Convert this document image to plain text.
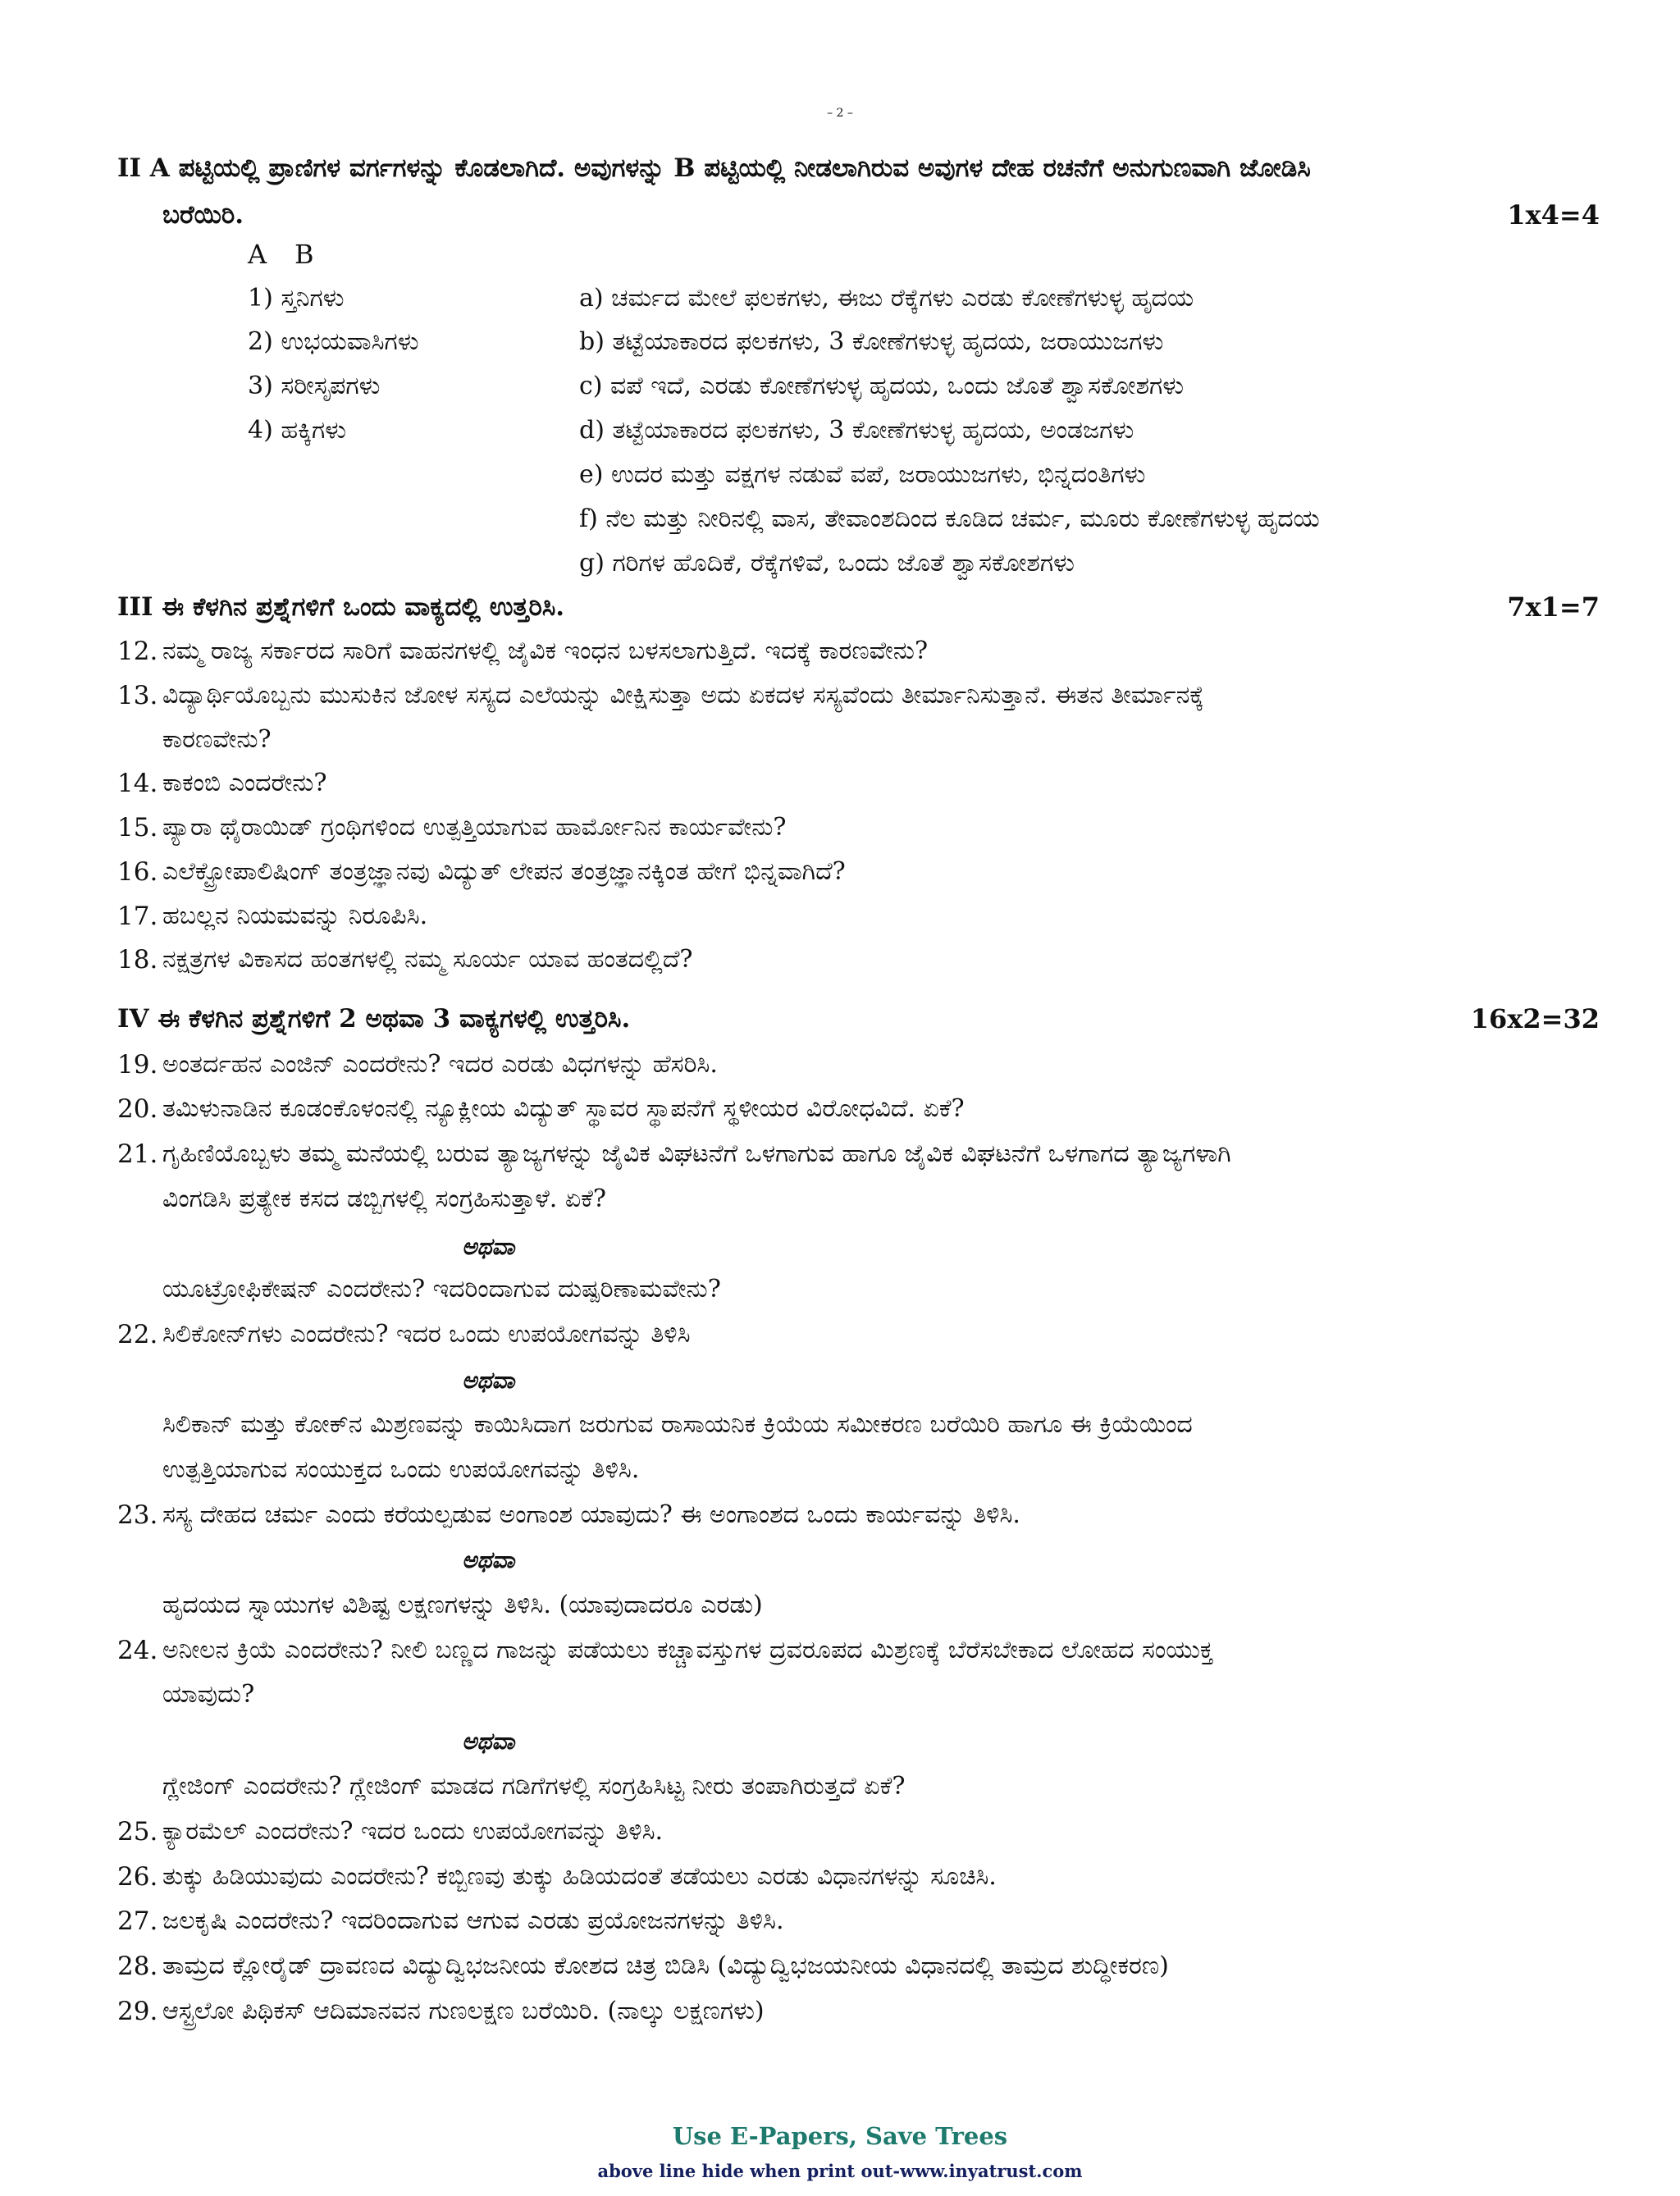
– 2 –
II A ಪಟ್ಟಿಯಲ್ಲಿ ಪ್ರಾಣಿಗಳ ವರ್ಗಗಳನ್ನು ಕೊಡಲಾಗಿದೆ. ಅವುಗಳನ್ನು B ಪಟ್ಟಿಯಲ್ಲಿ ನೀಡಲಾಗಿರುವ ಅವುಗಳ ದೇಹ ರಚನೆಗೆ ಅನುಗುಣವಾಗಿ ಜೋಡಿಸಿ
ಬರೆಯಿರಿ.	1x4=4
A B
1) ಸ್ತನಿಗಳು
2) ಉಭಯವಾಸಿಗಳು
3) ಸರೀಸೃಪಗಳು
4) ಹಕ್ಕಿಗಳು
a) ಚರ್ಮದ ಮೇಲೆ ಫಲಕಗಳು, ಈಜು ರೆಕ್ಕೆಗಳು ಎರಡು ಕೋಣೆಗಳುಳ್ಳ ಹೃದಯ
b) ತಟ್ಟೆಯಾಕಾರದ ಫಲಕಗಳು, 3 ಕೋಣೆಗಳುಳ್ಳ ಹೃದಯ, ಜರಾಯುಜಗಳು
c) ವಪೆ ಇದೆ, ಎರಡು ಕೋಣೆಗಳುಳ್ಳ ಹೃದಯ, ಒಂದು ಜೊತೆ ಶ್ವಾಸಕೋಶಗಳು
d) ತಟ್ಟೆಯಾಕಾರದ ಫಲಕಗಳು, 3 ಕೋಣೆಗಳುಳ್ಳ ಹೃದಯ, ಅಂಡಜಗಳು
e) ಉದರ ಮತ್ತು ವಕ್ಷಗಳ ನಡುವೆ ವಪೆ, ಜರಾಯುಜಗಳು, ಭಿನ್ನದಂತಿಗಳು
f) ನೆಲ ಮತ್ತು ನೀರಿನಲ್ಲಿ ವಾಸ, ತೇವಾಂಶದಿಂದ ಕೂಡಿದ ಚರ್ಮ, ಮೂರು ಕೋಣೆಗಳುಳ್ಳ ಹೃದಯ
g) ಗರಿಗಳ ಹೊದಿಕೆ, ರೆಕ್ಕೆಗಳಿವೆ, ಒಂದು ಜೊತೆ ಶ್ವಾಸಕೋಶಗಳು
III ಈ ಕೆಳಗಿನ ಪ್ರಶ್ನೆಗಳಿಗೆ ಒಂದು ವಾಕ್ಯದಲ್ಲಿ ಉತ್ತರಿಸಿ.	7x1=7
12. ನಮ್ಮ ರಾಜ್ಯ ಸರ್ಕಾರದ ಸಾರಿಗೆ ವಾಹನಗಳಲ್ಲಿ ಜೈವಿಕ ಇಂಧನ ಬಳಸಲಾಗುತ್ತಿದೆ. ಇದಕ್ಕೆ ಕಾರಣವೇನು?
13. ವಿದ್ಯಾರ್ಥಿಯೊಬ್ಬನು ಮುಸುಕಿನ ಜೋಳ ಸಸ್ಯದ ಎಲೆಯನ್ನು ವೀಕ್ಷಿಸುತ್ತಾ ಅದು ಏಕದಳ ಸಸ್ಯವೆಂದು ತೀರ್ಮಾನಿಸುತ್ತಾನೆ. ಈತನ ತೀರ್ಮಾನಕ್ಕೆ
ಕಾರಣವೇನು?
14. ಕಾಕಂಬಿ ಎಂದರೇನು?
15. ಪ್ಯಾರಾ ಥೈರಾಯಿಡ್ ಗ್ರಂಥಿಗಳಿಂದ ಉತ್ಪತ್ತಿಯಾಗುವ ಹಾರ್ಮೋನಿನ ಕಾರ್ಯವೇನು?
16. ಎಲೆಕ್ಟ್ರೋಪಾಲಿಷಿಂಗ್ ತಂತ್ರಜ್ಞಾನವು ವಿದ್ಯುತ್ ಲೇಪನ ತಂತ್ರಜ್ಞಾನಕ್ಕಿಂತ ಹೇಗೆ ಭಿನ್ನವಾಗಿದೆ?
17. ಹಬಲ್ಲನ ನಿಯಮವನ್ನು ನಿರೂಪಿಸಿ.
18. ನಕ್ಷತ್ರಗಳ ವಿಕಾಸದ ಹಂತಗಳಲ್ಲಿ ನಮ್ಮ ಸೂರ್ಯ ಯಾವ ಹಂತದಲ್ಲಿದೆ?
IV ಈ ಕೆಳಗಿನ ಪ್ರಶ್ನೆಗಳಿಗೆ 2 ಅಥವಾ 3 ವಾಕ್ಯಗಳಲ್ಲಿ ಉತ್ತರಿಸಿ.	16x2=32
19. ಅಂತರ್ದಹನ ಎಂಜಿನ್ ಎಂದರೇನು? ಇದರ ಎರಡು ವಿಧಗಳನ್ನು ಹೆಸರಿಸಿ.
20. ತಮಿಳುನಾಡಿನ ಕೂಡಂಕೊಳಂನಲ್ಲಿ ನ್ಯೂಕ್ಲೀಯ ವಿದ್ಯುತ್ ಸ್ಥಾವರ ಸ್ಥಾಪನೆಗೆ ಸ್ಥಳೀಯರ ವಿರೋಧವಿದೆ. ಏಕೆ?
21. ಗೃಹಿಣಿಯೊಬ್ಬಳು ತಮ್ಮ ಮನೆಯಲ್ಲಿ ಬರುವ ತ್ಯಾಜ್ಯಗಳನ್ನು ಜೈವಿಕ ವಿಘಟನೆಗೆ ಒಳಗಾಗುವ ಹಾಗೂ ಜೈವಿಕ ವಿಘಟನೆಗೆ ಒಳಗಾಗದ ತ್ಯಾಜ್ಯಗಳಾಗಿ
ವಿಂಗಡಿಸಿ ಪ್ರತ್ಯೇಕ ಕಸದ ಡಬ್ಬಿಗಳಲ್ಲಿ ಸಂಗ್ರಹಿಸುತ್ತಾಳೆ. ಏಕೆ?
ಅಥವಾ
ಯೂಟ್ರೋಫಿಕೇಷನ್ ಎಂದರೇನು? ಇದರಿಂದಾಗುವ ದುಷ್ಪರಿಣಾಮವೇನು?
22. ಸಿಲಿಕೋನ್‌ಗಳು ಎಂದರೇನು? ಇದರ ಒಂದು ಉಪಯೋಗವನ್ನು ತಿಳಿಸಿ
ಅಥವಾ
ಸಿಲಿಕಾನ್ ಮತ್ತು ಕೋಕ್‌ನ ಮಿಶ್ರಣವನ್ನು ಕಾಯಿಸಿದಾಗ ಜರುಗುವ ರಾಸಾಯನಿಕ ಕ್ರಿಯೆಯ ಸಮೀಕರಣ ಬರೆಯಿರಿ ಹಾಗೂ ಈ ಕ್ರಿಯೆಯಿಂದ
ಉತ್ಪತ್ತಿಯಾಗುವ ಸಂಯುಕ್ತದ ಒಂದು ಉಪಯೋಗವನ್ನು ತಿಳಿಸಿ.
23. ಸಸ್ಯ ದೇಹದ ಚರ್ಮ ಎಂದು ಕರೆಯಲ್ಪಡುವ ಅಂಗಾಂಶ ಯಾವುದು? ಈ ಅಂಗಾಂಶದ ಒಂದು ಕಾರ್ಯವನ್ನು ತಿಳಿಸಿ.
ಅಥವಾ
ಹೃದಯದ ಸ್ನಾಯುಗಳ ವಿಶಿಷ್ಟ ಲಕ್ಷಣಗಳನ್ನು ತಿಳಿಸಿ. (ಯಾವುದಾದರೂ ಎರಡು)
24. ಅನೀಲನ ಕ್ರಿಯೆ ಎಂದರೇನು? ನೀಲಿ ಬಣ್ಣದ ಗಾಜನ್ನು ಪಡೆಯಲು ಕಚ್ಚಾವಸ್ತುಗಳ ದ್ರವರೂಪದ ಮಿಶ್ರಣಕ್ಕೆ ಬೆರೆಸಬೇಕಾದ ಲೋಹದ ಸಂಯುಕ್ತ
ಯಾವುದು?
ಅಥವಾ
ಗ್ಲೇಜಿಂಗ್ ಎಂದರೇನು? ಗ್ಲೇಜಿಂಗ್ ಮಾಡದ ಗಡಿಗೆಗಳಲ್ಲಿ ಸಂಗ್ರಹಿಸಿಟ್ಟ ನೀರು ತಂಪಾಗಿರುತ್ತದೆ ಏಕೆ?
25. ಕ್ಯಾರಮೆಲ್ ಎಂದರೇನು? ಇದರ ಒಂದು ಉಪಯೋಗವನ್ನು ತಿಳಿಸಿ.
26. ತುಕ್ಕು ಹಿಡಿಯುವುದು ಎಂದರೇನು? ಕಬ್ಬಿಣವು ತುಕ್ಕು ಹಿಡಿಯದಂತೆ ತಡೆಯಲು ಎರಡು ವಿಧಾನಗಳನ್ನು ಸೂಚಿಸಿ.
27. ಜಲಕೃಷಿ ಎಂದರೇನು? ಇದರಿಂದಾಗುವ ಆಗುವ ಎರಡು ಪ್ರಯೋಜನಗಳನ್ನು ತಿಳಿಸಿ.
28. ತಾಮ್ರದ ಕ್ಲೋರೈಡ್ ದ್ರಾವಣದ ವಿದ್ಯುದ್ವಿಭಜನೀಯ ಕೋಶದ ಚಿತ್ರ ಬಿಡಿಸಿ (ವಿದ್ಯುದ್ವಿಭಜಯನೀಯ ವಿಧಾನದಲ್ಲಿ ತಾಮ್ರದ ಶುದ್ಧೀಕರಣ)
29. ಆಸ್ಟ್ರಲೋ ಪಿಥಿಕಸ್ ಆದಿಮಾನವನ ಗುಣಲಕ್ಷಣ ಬರೆಯಿರಿ. (ನಾಲ್ಕು ಲಕ್ಷಣಗಳು)
Use E-Papers, Save Trees
above line hide when print out-www.inyatrust.com
